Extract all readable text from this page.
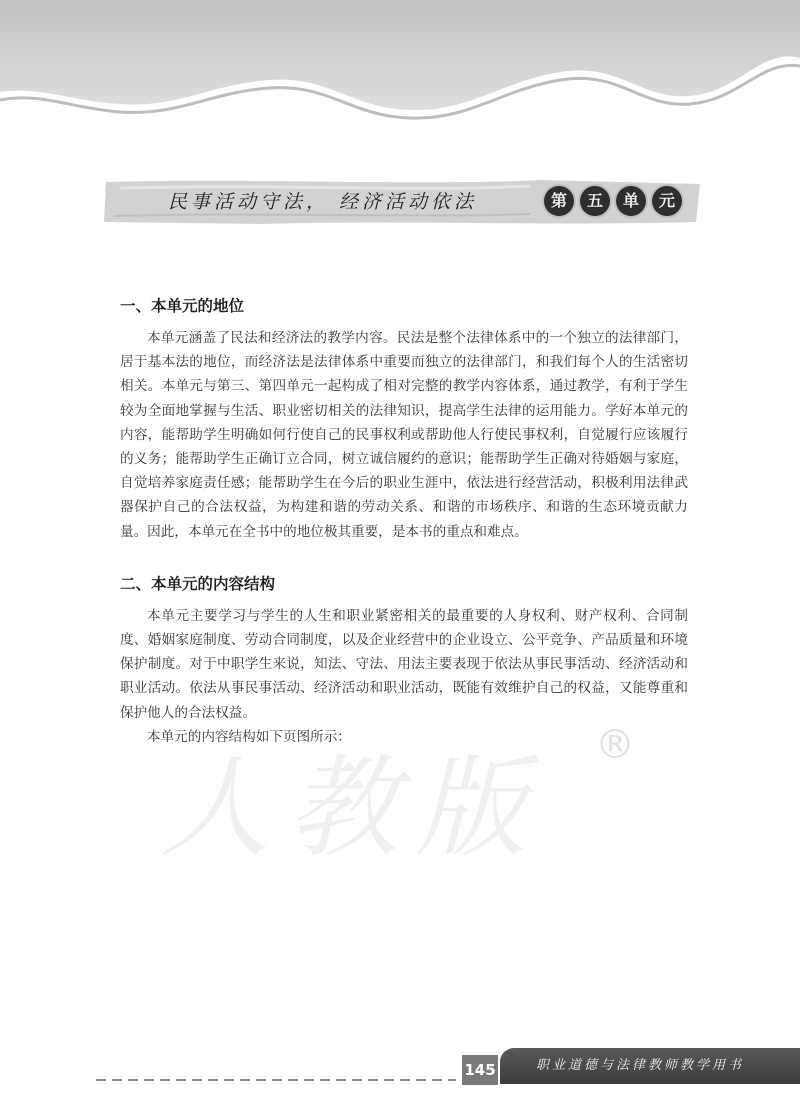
民事活动守法， 经济活动依法	第	五	单	元
人教版	®
一、本单元的地位

本单元涵盖了民法和经济法的教学内容。民法是整个法律体系中的一个独立的法律部门，居于基本法的地位，而经济法是法律体系中重要而独立的法律部门，和我们每个人的生活密切相关。本单元与第三、第四单元一起构成了相对完整的教学内容体系，通过教学，有利于学生较为全面地掌握与生活、职业密切相关的法律知识，提高学生法律的运用能力。学好本单元的内容，能帮助学生明确如何行使自己的民事权利或帮助他人行使民事权利，自觉履行应该履行的义务；能帮助学生正确订立合同，树立诚信履约的意识；能帮助学生正确对待婚姻与家庭，自觉培养家庭责任感；能帮助学生在今后的职业生涯中，依法进行经营活动，积极利用法律武器保护自己的合法权益，为构建和谐的劳动关系、和谐的市场秩序、和谐的生态环境贡献力量。因此，本单元在全书中的地位极其重要，是本书的重点和难点。

二、本单元的内容结构

本单元主要学习与学生的人生和职业紧密相关的最重要的人身权利、财产权利、合同制度、婚姻家庭制度、劳动合同制度，以及企业经营中的企业设立、公平竞争、产品质量和环境保护制度。对于中职学生来说，知法、守法、用法主要表现于依法从事民事活动、经济活动和职业活动。依法从事民事活动、经济活动和职业活动，既能有效维护自己的权益，又能尊重和保护他人的合法权益。

本单元的内容结构如下页图所示：

145	职业道德与法律教师教学用书
